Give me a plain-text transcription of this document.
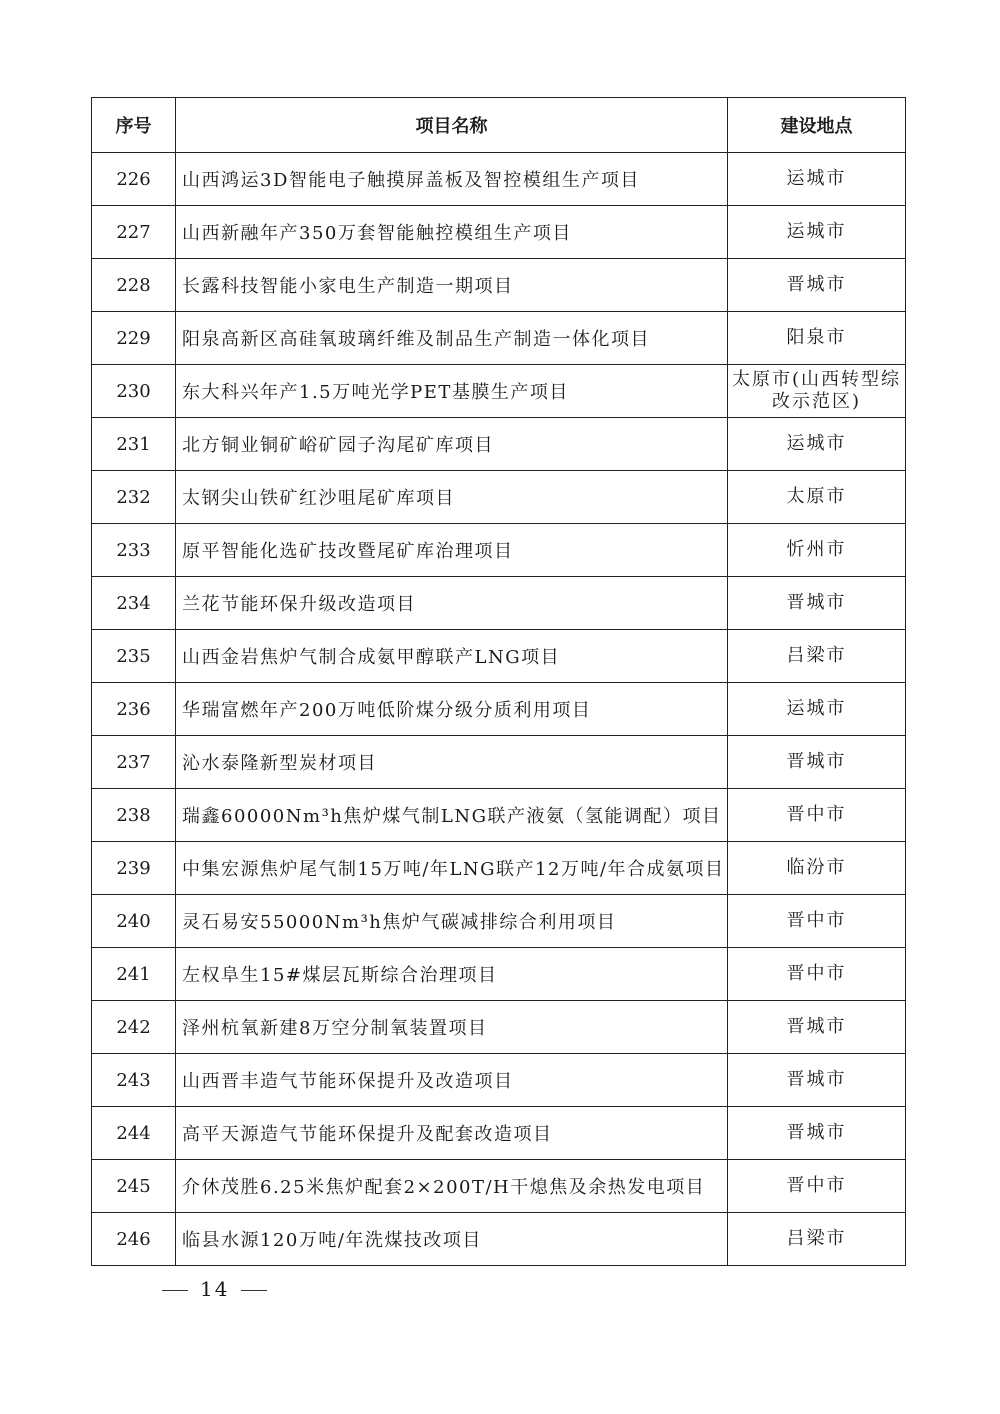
序号	项目名称	建设地点
226	山西鸿运3D智能电子触摸屏盖板及智控模组生产项目	运城市
227	山西新融年产350万套智能触控模组生产项目	运城市
228	长露科技智能小家电生产制造一期项目	晋城市
229	阳泉高新区高硅氧玻璃纤维及制品生产制造一体化项目	阳泉市
230	东大科兴年产1.5万吨光学PET基膜生产项目	太原市(山西转型综改示范区)
231	北方铜业铜矿峪矿园子沟尾矿库项目	运城市
232	太钢尖山铁矿红沙咀尾矿库项目	太原市
233	原平智能化选矿技改暨尾矿库治理项目	忻州市
234	兰花节能环保升级改造项目	晋城市
235	山西金岩焦炉气制合成氨甲醇联产LNG项目	吕梁市
236	华瑞富燃年产200万吨低阶煤分级分质利用项目	运城市
237	沁水泰隆新型炭材项目	晋城市
238	瑞鑫60000Nm³h焦炉煤气制LNG联产液氨（氢能调配）项目	晋中市
239	中集宏源焦炉尾气制15万吨/年LNG联产12万吨/年合成氨项目	临汾市
240	灵石易安55000Nm³h焦炉气碳减排综合利用项目	晋中市
241	左权阜生15#煤层瓦斯综合治理项目	晋中市
242	泽州杭氧新建8万空分制氧装置项目	晋城市
243	山西晋丰造气节能环保提升及改造项目	晋城市
244	高平天源造气节能环保提升及配套改造项目	晋城市
245	介休茂胜6.25米焦炉配套2×200T/H干熄焦及余热发电项目	晋中市
246	临县水源120万吨/年洗煤技改项目	吕梁市
14
